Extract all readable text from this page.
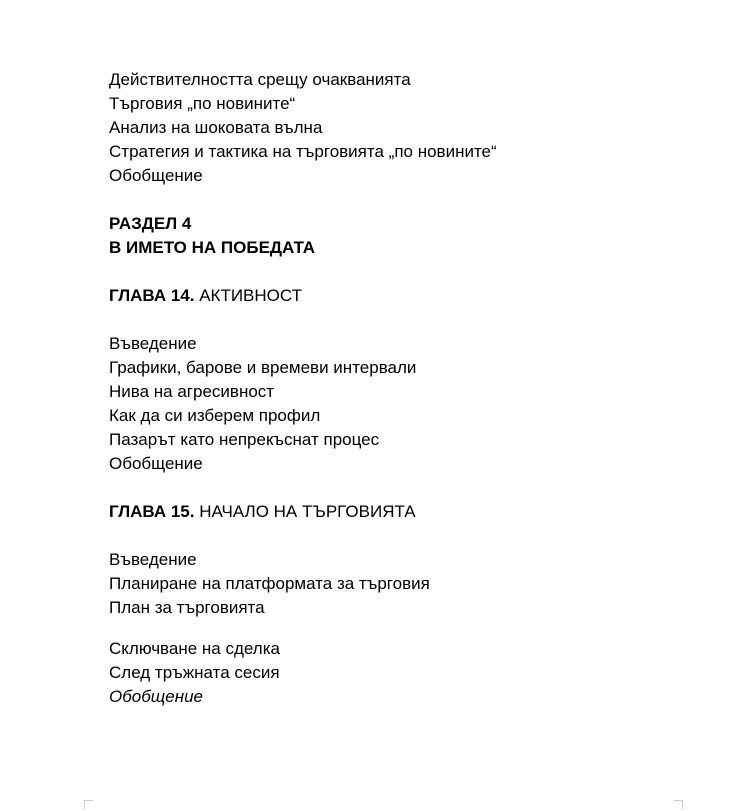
Действителността срещу очакванията
Търговия „по новините“
Анализ на шоковата вълна
Стратегия и тактика на търговията „по новините“
Обобщение
РАЗДЕЛ 4
В ИМЕТО НА ПОБЕДАТА
ГЛАВА 14. АКТИВНОСТ
Въведение
Графики, барове и времеви интервали
Нива на агресивност
Как да си изберем профил
Пазарът като непрекъснат процес
Обобщение
ГЛАВА 15. НАЧАЛО НА ТЪРГОВИЯТА
Въведение
Планиране на платформата за търговия
План за търговията
Сключване на сделка
След тръжната сесия
Обобщение
